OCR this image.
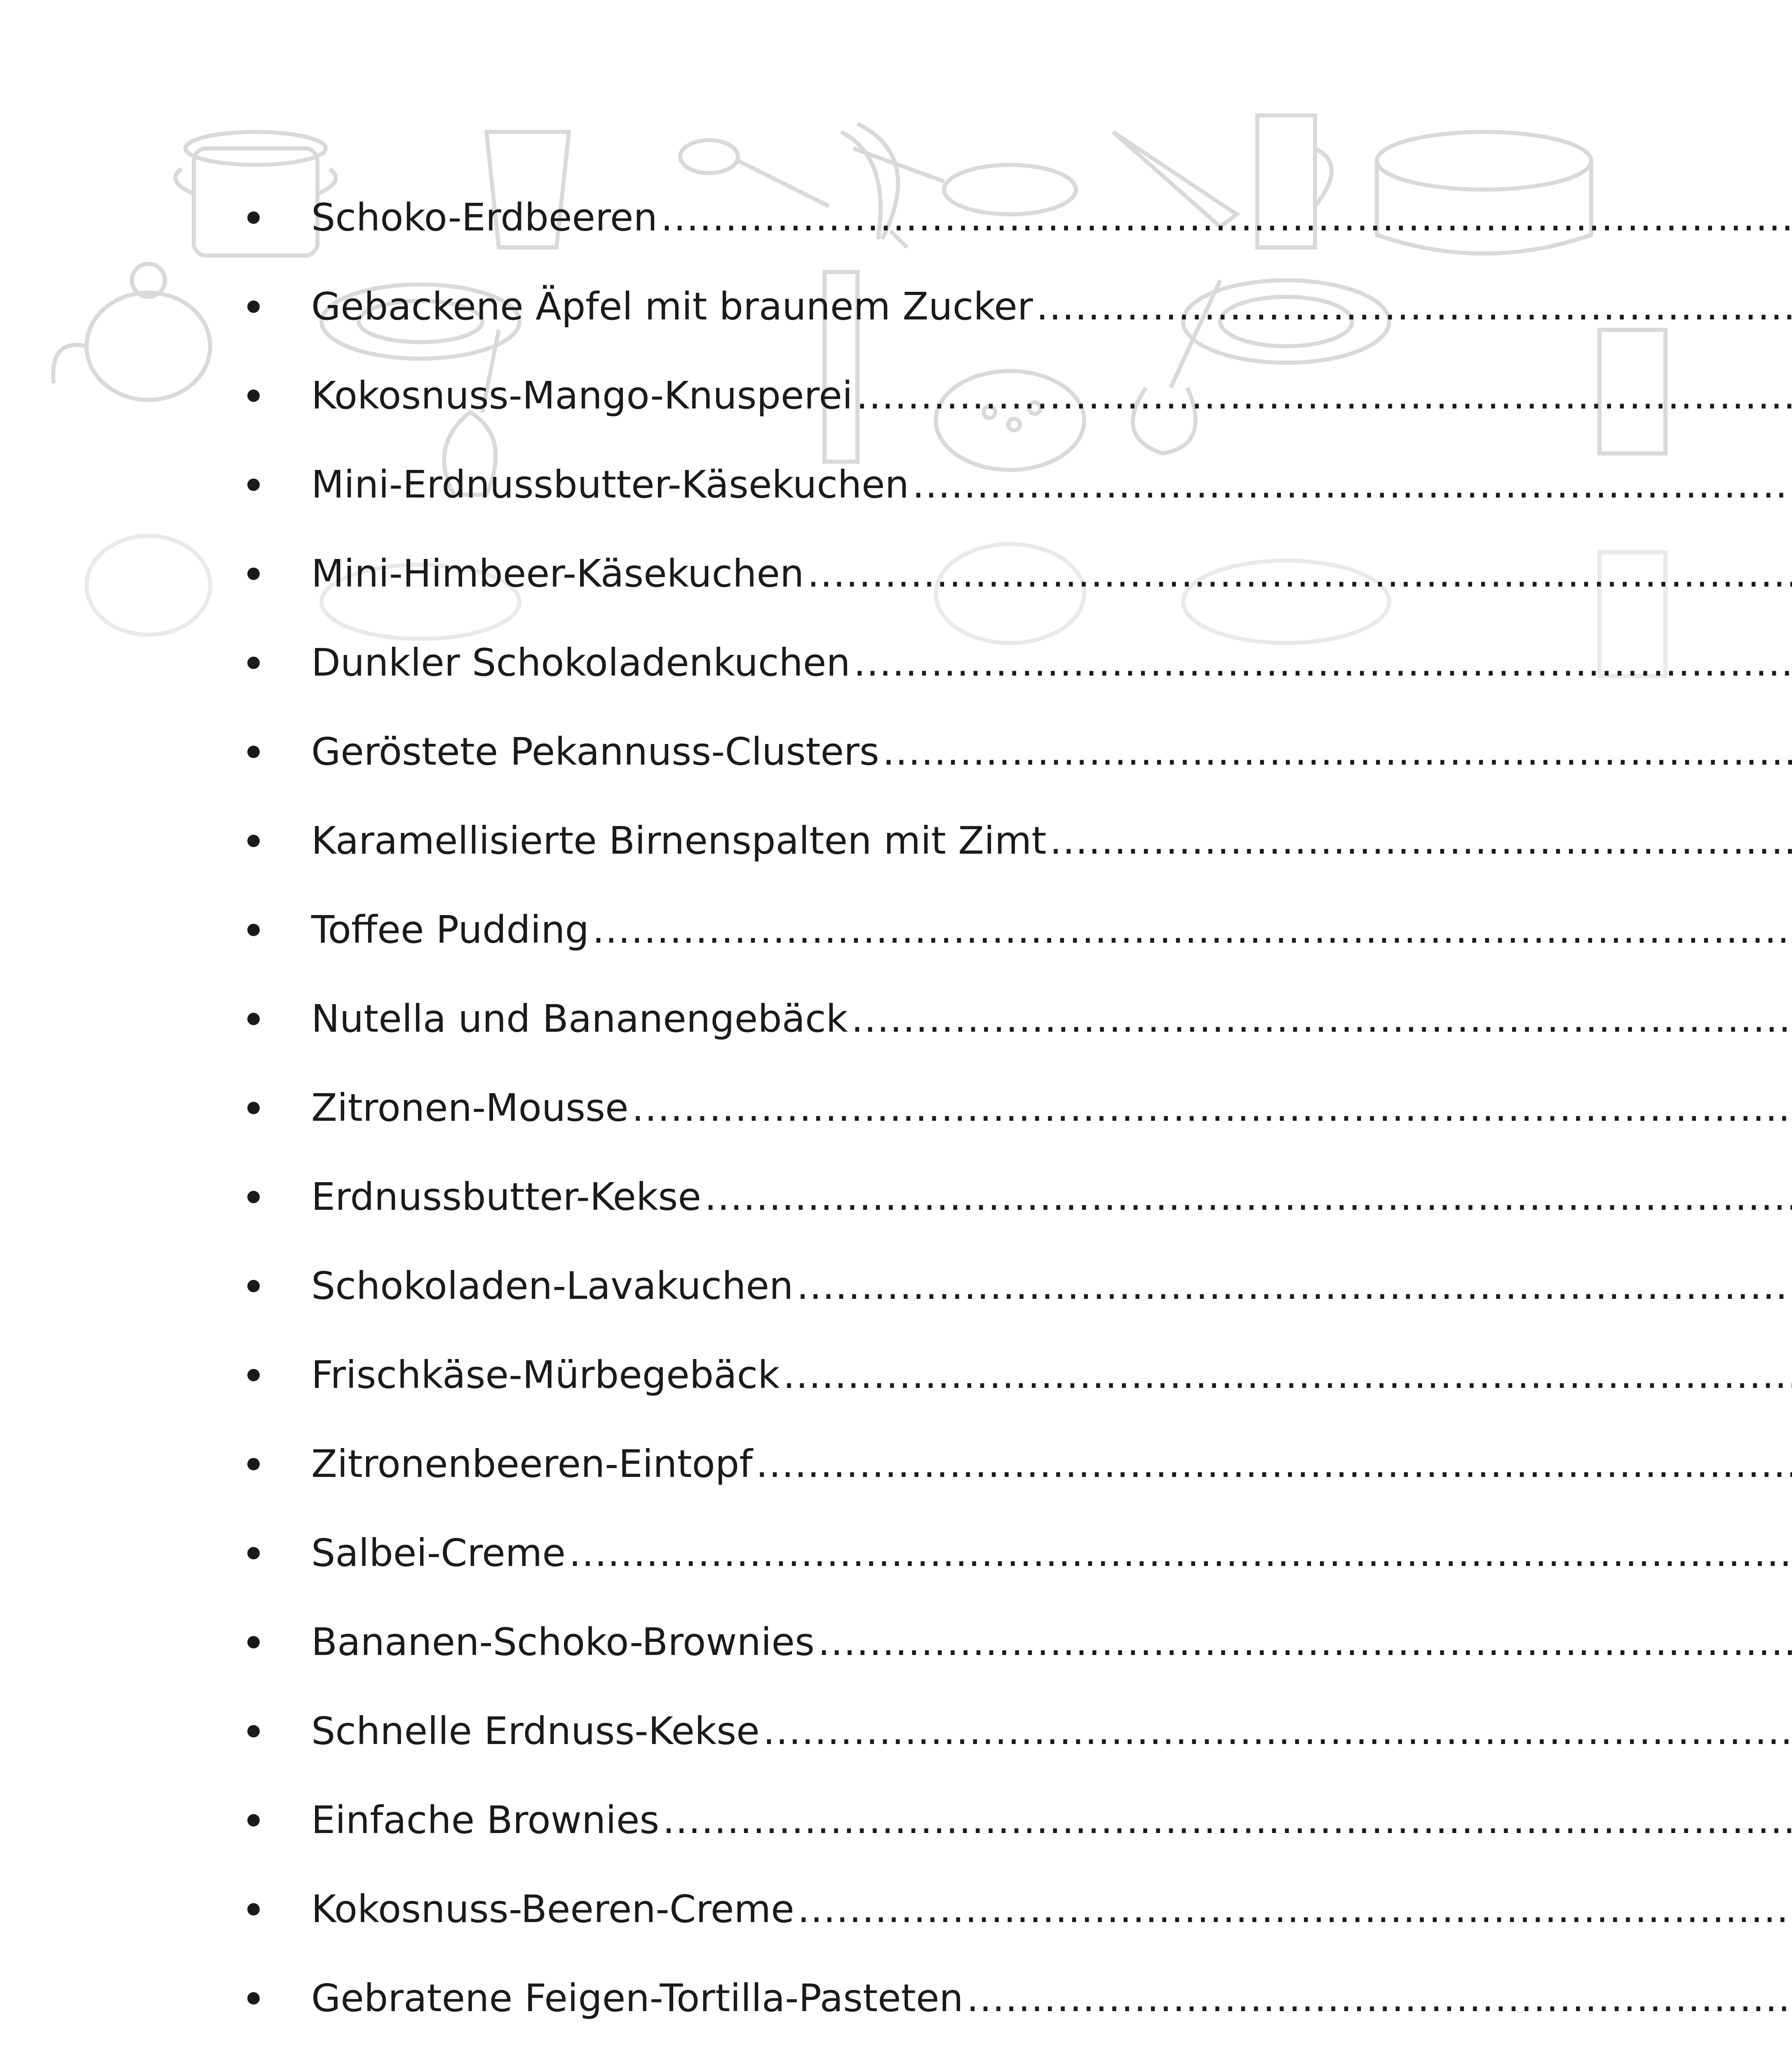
Schoko-Erdbeeren
.....
Gebackene Äpfel mit braunem Zucker
.....
Kokosnuss-Mango-Knusperei
.....
Mini-Erdnussbutter-Käsekuchen
.....
Mini-Himbeer-Käsekuchen
.....
Dunkler Schokoladenkuchen
.....
Geröstete Pekannuss-Clusters
.....
Karamellisierte Birnenspalten mit Zimt
.....
Toffee Pudding
.....
Nutella und Bananengebäck
.....
Zitronen-Mousse
.....
Erdnussbutter-Kekse
.....
Schokoladen-Lavakuchen
.....
Frischkäse-Mürbegebäck
.....
Zitronenbeeren-Eintopf
.....
Salbei-Creme
.....
Bananen-Schoko-Brownies
.....
Schnelle Erdnuss-Kekse
.....
Einfache Brownies
.....
Kokosnuss-Beeren-Creme
.....
Gebratene Feigen-Tortilla-Pasteten
.....
